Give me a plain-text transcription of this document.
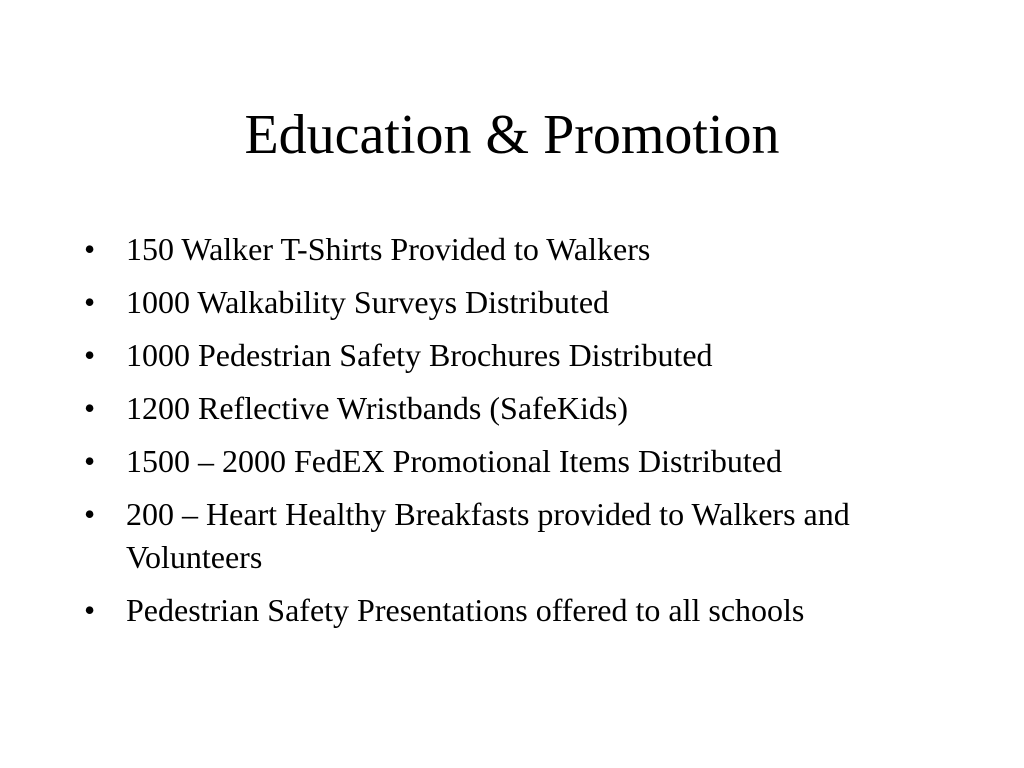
Education & Promotion
• 150 Walker T-Shirts Provided to Walkers
• 1000 Walkability Surveys Distributed
• 1000 Pedestrian Safety Brochures Distributed
• 1200 Reflective Wristbands (SafeKids)
• 1500 – 2000 FedEX Promotional Items Distributed
• 200 – Heart Healthy Breakfasts provided to Walkers and Volunteers
• Pedestrian Safety Presentations offered to all schools
